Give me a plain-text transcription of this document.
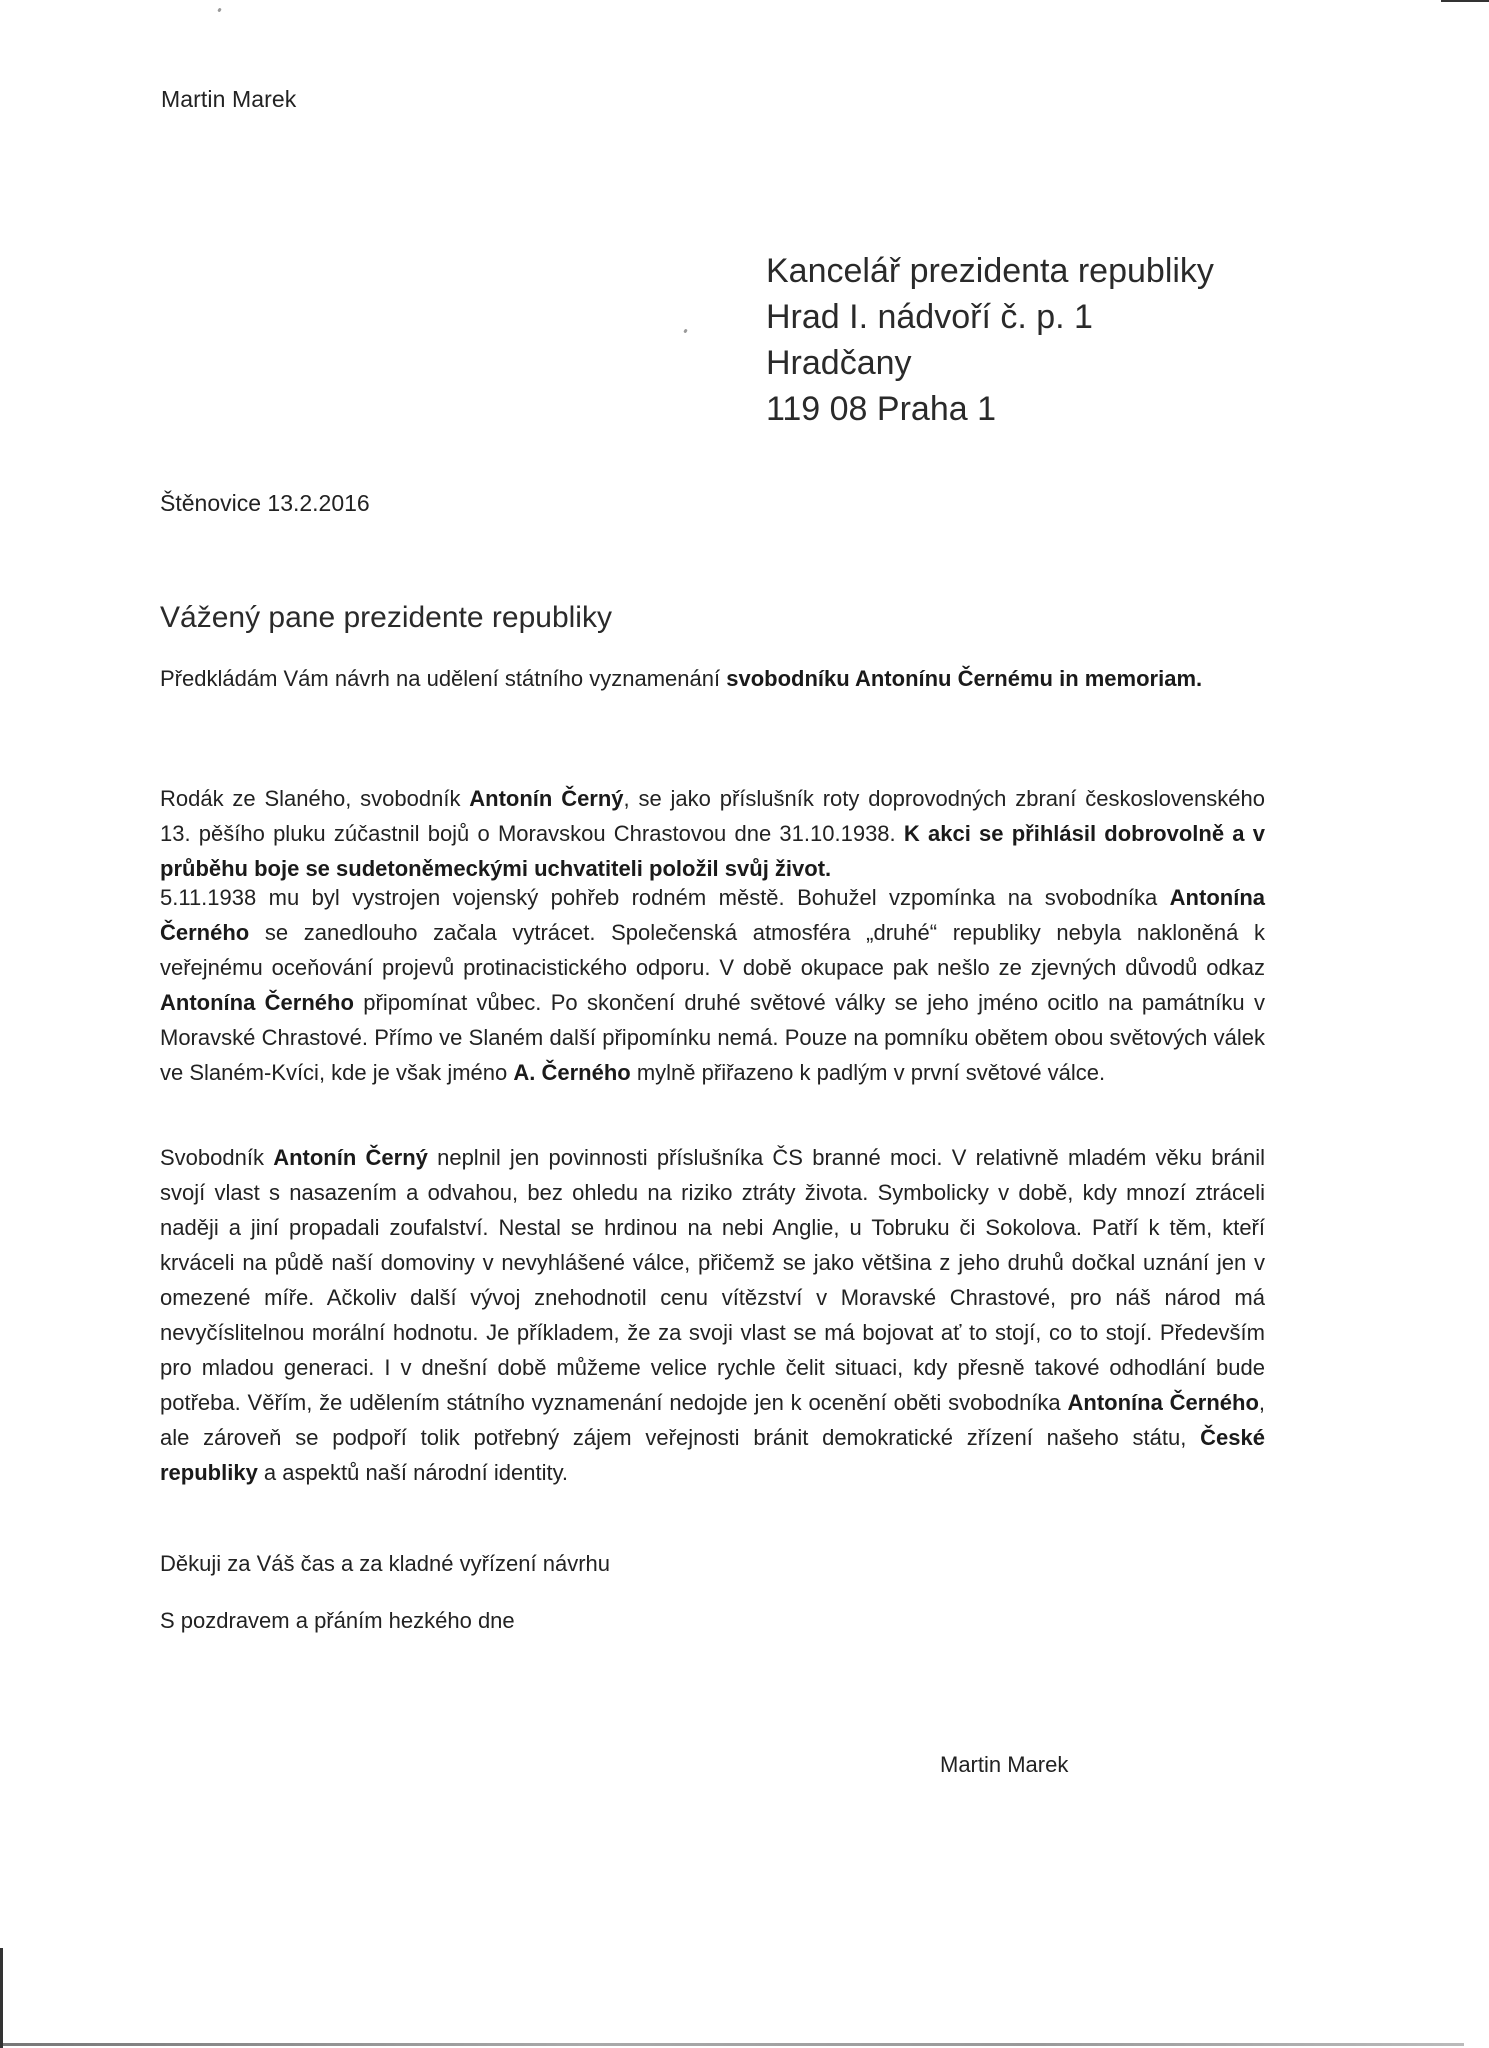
Martin Marek
Kancelář prezidenta republiky
Hrad I. nádvoří č. p. 1
Hradčany
119 08 Praha 1
Štěnovice 13.2.2016
Vážený pane prezidente republiky
Předkládám Vám návrh na udělení státního vyznamenání svobodníku Antonínu Černému in memoriam.
Rodák ze Slaného, svobodník Antonín Černý, se jako příslušník roty doprovodných zbraní československého 13. pěšího pluku zúčastnil bojů o Moravskou Chrastovou dne 31.10.1938. K akci se přihlásil dobrovolně a v průběhu boje se sudetoněmeckými uchvatiteli položil svůj život.
5.11.1938 mu byl vystrojen vojenský pohřeb rodném městě. Bohužel vzpomínka na svobodníka Antonína Černého se zanedlouho začala vytrácet. Společenská atmosféra „druhé“ republiky nebyla nakloněná k veřejnému oceňování projevů protinacistického odporu. V době okupace pak nešlo ze zjevných důvodů odkaz Antonína Černého připomínat vůbec. Po skončení druhé světové války se jeho jméno ocitlo na památníku v Moravské Chrastové. Přímo ve Slaném další připomínku nemá. Pouze na pomníku obětem obou světových válek ve Slaném-Kvíci, kde je však jméno A. Černého mylně přiřazeno k padlým v první světové válce.
Svobodník Antonín Černý neplnil jen povinnosti příslušníka ČS branné moci. V relativně mladém věku bránil svojí vlast s nasazením a odvahou, bez ohledu na riziko ztráty života. Symbolicky v době, kdy mnozí ztráceli naději a jiní propadali zoufalství. Nestal se hrdinou na nebi Anglie, u Tobruku či Sokolova. Patří k těm, kteří krváceli na půdě naší domoviny v nevyhlášené válce, přičemž se jako většina z jeho druhů dočkal uznání jen v omezené míře. Ačkoliv další vývoj znehodnotil cenu vítězství v Moravské Chrastové, pro náš národ má nevyčíslitelnou morální hodnotu. Je příkladem, že za svoji vlast se má bojovat ať to stojí, co to stojí. Především pro mladou generaci. I v dnešní době můžeme velice rychle čelit situaci, kdy přesně takové odhodlání bude potřeba. Věřím, že udělením státního vyznamenání nedojde jen k ocenění oběti svobodníka Antonína Černého, ale zároveň se podpoří tolik potřebný zájem veřejnosti bránit demokratické zřízení našeho státu, České republiky a aspektů naší národní identity.
Děkuji za Váš čas a za kladné vyřízení návrhu
S pozdravem a přáním hezkého dne
Martin Marek
